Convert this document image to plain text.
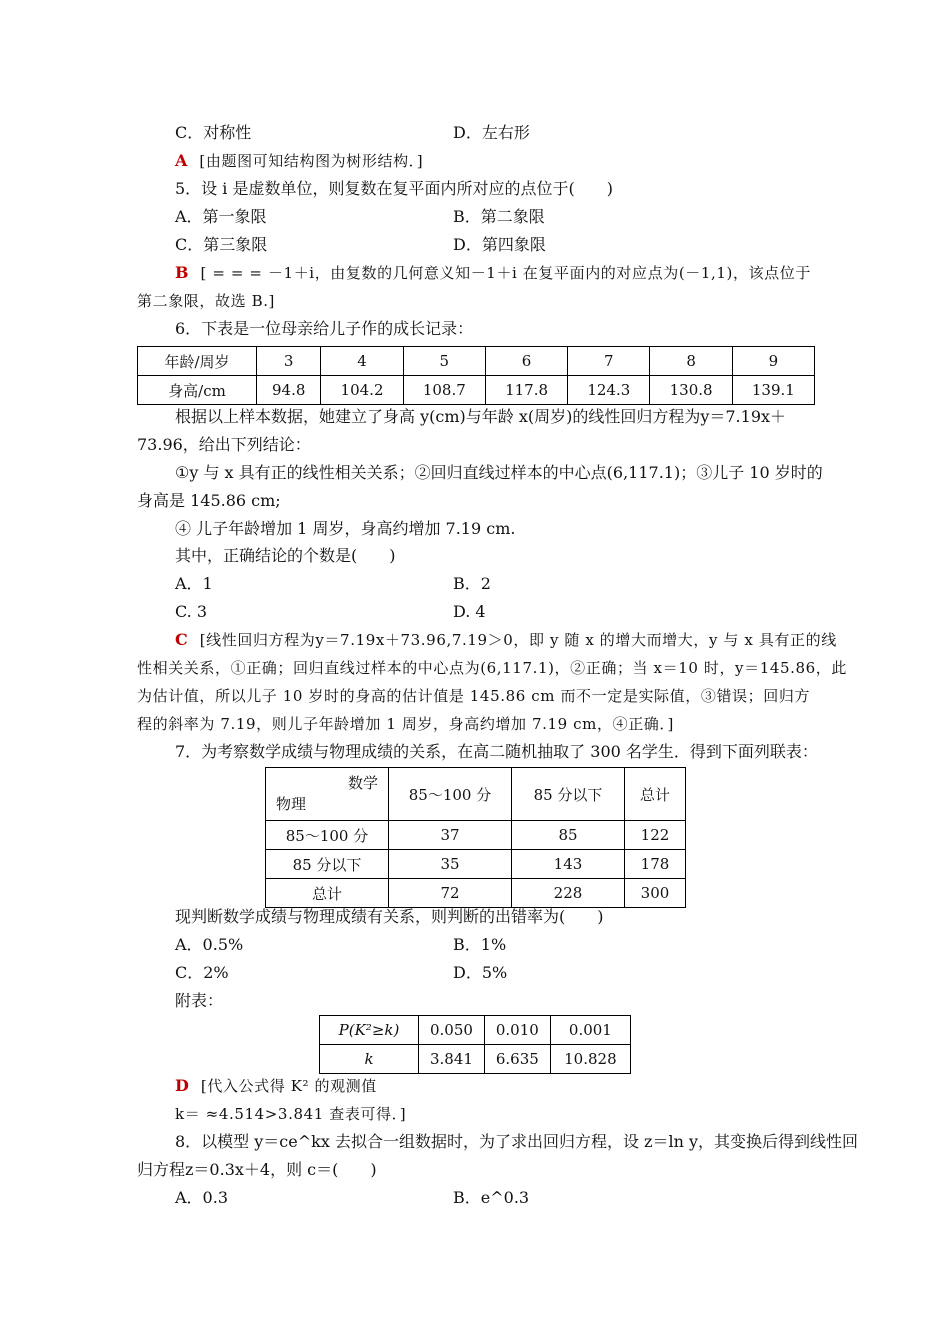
C．对称性	D．左右形
A [由题图可知结构图为树形结构．]
5．设 i 是虚数单位，则复数在复平面内所对应的点位于(　　)
A．第一象限	B．第二象限
C．第三象限	D．第四象限
B [ = = = －1＋i，由复数的几何意义知－1＋i 在复平面内的对应点为(－1,1)，该点位于
第二象限，故选 B.]
6．下表是一位母亲给儿子作的成长记录：
年龄/周岁	3	4	5	6	7	8	9
身高/cm	94.8	104.2	108.7	117.8	124.3	130.8	139.1
根据以上样本数据，她建立了身高 y(cm)与年龄 x(周岁)的线性回归方程为y＝7.19x＋
73.96，给出下列结论：
①y 与 x 具有正的线性相关关系；②回归直线过样本的中心点(6,117.1)；③儿子 10 岁时的
身高是 145.86 cm;
④ 儿子年龄增加 1 周岁，身高约增加 7.19 cm.
其中，正确结论的个数是(　　)
A．1	B．2
C. 3	D. 4
C [线性回归方程为y＝7.19x＋73.96,7.19＞0，即 y 随 x 的增大而增大，y 与 x 具有正的线
性相关关系，①正确；回归直线过样本的中心点为(6,117.1)，②正确；当 x＝10 时，y＝145.86，此
为估计值，所以儿子 10 岁时的身高的估计值是 145.86 cm 而不一定是实际值，③错误；回归方
程的斜率为 7.19，则儿子年龄增加 1 周岁，身高约增加 7.19 cm，④正确．]
7．为考察数学成绩与物理成绩的关系，在高二随机抽取了 300 名学生．得到下面列联表：
数学
物理	85～100 分	85 分以下	总计
85～100 分	37	85	122
85 分以下	35	143	178
总计	72	228	300
现判断数学成绩与物理成绩有关系，则判断的出错率为(　　)
A．0.5%	B．1%
C．2%	D．5%
附表：
P(K²≥k)	0.050	0.010	0.001
k	3.841	6.635	10.828
D [代入公式得 K² 的观测值
k＝ ≈4.514>3.841 查表可得．]
8．以模型 y＝ce^kx 去拟合一组数据时，为了求出回归方程，设 z＝ln y，其变换后得到线性回
归方程z＝0.3x＋4，则 c＝(　　)
A．0.3	B．e^0.3
